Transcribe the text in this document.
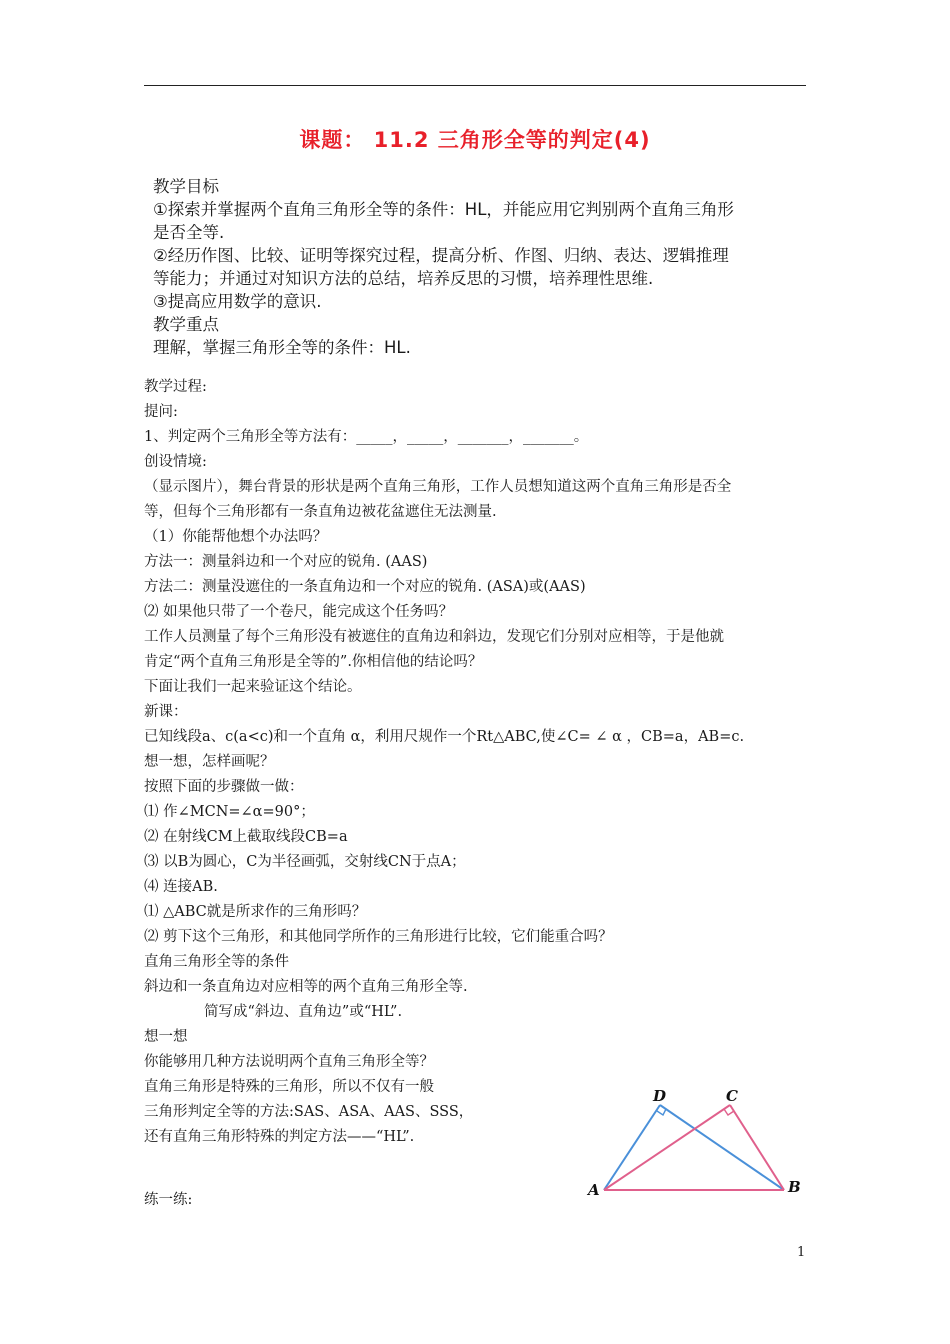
课题： 11.2 三角形全等的判定(4)
教学目标
①探索并掌握两个直角三角形全等的条件：HL，并能应用它判别两个直角三角形
是否全等.
②经历作图、比较、证明等探究过程，提高分析、作图、归纳、表达、逻辑推理
等能力；并通过对知识方法的总结，培养反思的习惯，培养理性思维.
③提高应用数学的意识.
教学重点
理解，掌握三角形全等的条件：HL.
教学过程:
提问:
1、判定两个三角形全等方法有：_____，_____，_______，_______。
创设情境:
（显示图片），舞台背景的形状是两个直角三角形，工作人员想知道这两个直角三角形是否全
等，但每个三角形都有一条直角边被花盆遮住无法测量.
（1）你能帮他想个办法吗？
方法一：测量斜边和一个对应的锐角. (AAS)
方法二：测量没遮住的一条直角边和一个对应的锐角. (ASA)或(AAS)
⑵ 如果他只带了一个卷尺，能完成这个任务吗？
工作人员测量了每个三角形没有被遮住的直角边和斜边，发现它们分别对应相等，于是他就
肯定“两个直角三角形是全等的”.你相信他的结论吗？
下面让我们一起来验证这个结论。
新课：
已知线段a、c(a<c)和一个直角 α，利用尺规作一个Rt△ABC,使∠C= ∠ α ，CB=a，AB=c.
想一想，怎样画呢？
按照下面的步骤做一做：
⑴ 作∠MCN=∠α=90°；
⑵ 在射线CM上截取线段CB=a
⑶ 以B为圆心，C为半径画弧，交射线CN于点A；
⑷ 连接AB.
⑴ △ABC就是所求作的三角形吗？
⑵ 剪下这个三角形，和其他同学所作的三角形进行比较，它们能重合吗？
直角三角形全等的条件
斜边和一条直角边对应相等的两个直角三角形全等.
简写成“斜边、直角边”或“HL”.
想一想
你能够用几种方法说明两个直角三角形全等？
直角三角形是特殊的三角形，所以不仅有一般
三角形判定全等的方法:SAS、ASA、AAS、SSS，
还有直角三角形特殊的判定方法——“HL”.
练一练:
A	B
C
D
1
